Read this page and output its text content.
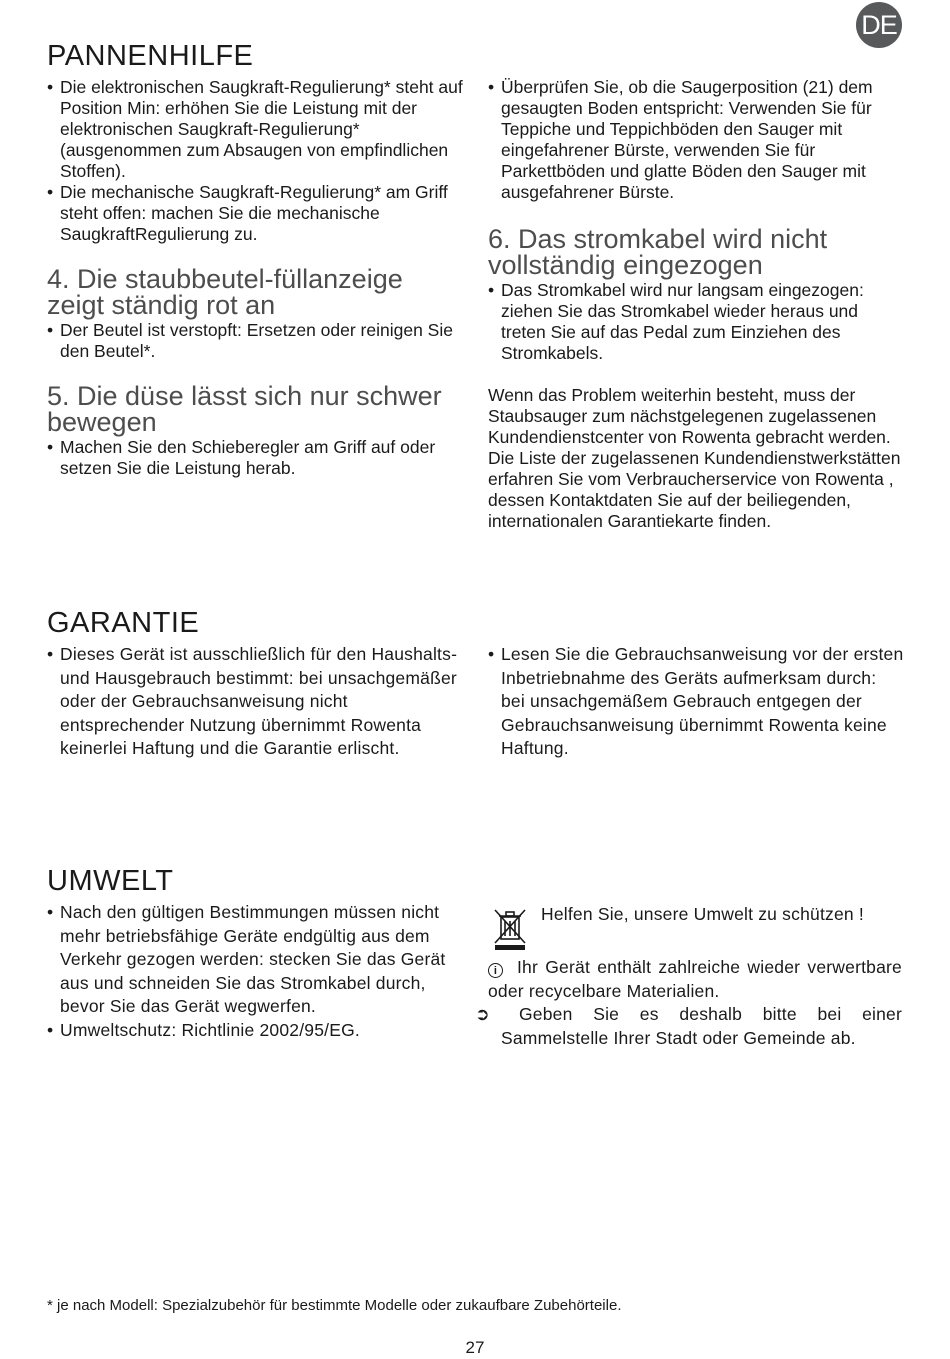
DE
PANNENHILFE
• Die elektronischen Saugkraft-Regulierung* steht auf Position Min: erhöhen Sie die Leistung mit der elektronischen Saugkraft-Regulierung* (ausgenommen zum Absaugen von empfindlichen Stoffen).
• Die mechanische Saugkraft-Regulierung* am Griff steht offen: machen Sie die mechanische SaugkraftRegulierung zu.
4. Die staubbeutel-füllanzeige zeigt ständig rot an
• Der Beutel ist verstopft: Ersetzen oder reinigen Sie den Beutel*.
5. Die düse lässt sich nur schwer bewegen
• Machen Sie den Schieberegler am Griff auf oder setzen Sie die Leistung herab.
• Überprüfen Sie, ob die Saugerposition (21) dem gesaugten Boden entspricht: Verwenden Sie für Teppiche und Teppichböden den Sauger mit eingefahrener Bürste, verwenden Sie für Parkettböden und glatte Böden den Sauger mit ausgefahrener Bürste.
6. Das stromkabel wird nicht vollständig eingezogen
• Das Stromkabel wird nur langsam eingezogen: ziehen Sie das Stromkabel wieder heraus und treten Sie auf das Pedal zum Einziehen des Stromkabels.

Wenn das Problem weiterhin besteht, muss der Staubsauger zum nächstgelegenen zugelassenen Kundendienstcenter von Rowenta gebracht werden. Die Liste der zugelassenen Kundendienstwerkstätten erfahren Sie vom Verbraucherservice von Rowenta , dessen Kontaktdaten Sie auf der beiliegenden, internationalen Garantiekarte finden.

GARANTIE
• Dieses Gerät ist ausschließlich für den Haushalts- und Hausgebrauch bestimmt: bei unsachgemäßer oder der Gebrauchsanweisung nicht entsprechender Nutzung übernimmt Rowenta keinerlei Haftung und die Garantie erlischt.
• Lesen Sie die Gebrauchsanweisung vor der ersten Inbetriebnahme des Geräts aufmerksam durch: bei unsachgemäßem Gebrauch entgegen der Gebrauchsanweisung übernimmt Rowenta keine Haftung.
UMWELT
• Nach den gültigen Bestimmungen müssen nicht mehr betriebsfähige Geräte endgültig aus dem Verkehr gezogen werden: stecken Sie das Gerät aus und schneiden Sie das Stromkabel durch, bevor Sie das Gerät wegwerfen.
• Umweltschutz: Richtlinie 2002/95/EG.
Helfen Sie, unsere Umwelt zu schützen !

i Ihr Gerät enthält zahlreiche wieder verwertbare oder recycelbare Materialien.

➲ Geben Sie es deshalb bitte bei einer Sammelstelle Ihrer Stadt oder Gemeinde ab.

* je nach Modell: Spezialzubehör für bestimmte Modelle oder zukaufbare Zubehörteile.
27
